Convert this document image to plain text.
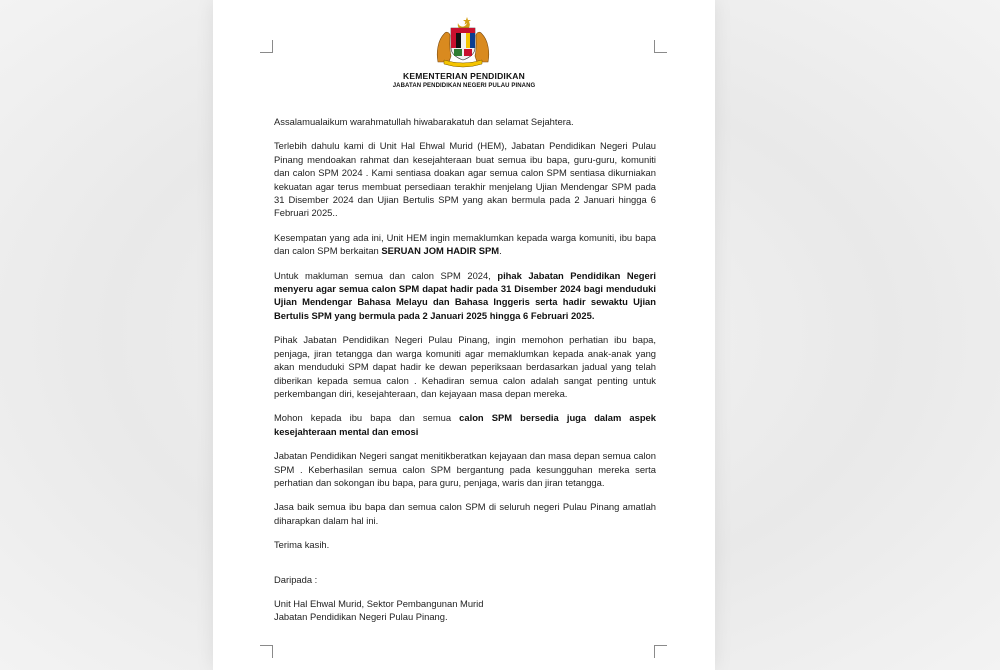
KEMENTERIAN PENDIDIKAN
JABATAN PENDIDIKAN NEGERI PULAU PINANG

Assalamualaikum warahmatullah hiwabarakatuh dan selamat Sejahtera.

Terlebih dahulu kami di Unit Hal Ehwal Murid (HEM), Jabatan Pendidikan Negeri Pulau Pinang mendoakan rahmat dan kesejahteraan buat semua ibu bapa, guru-guru, komuniti dan calon SPM 2024 . Kami sentiasa doakan agar semua calon SPM sentiasa dikurniakan kekuatan agar terus membuat persediaan terakhir menjelang Ujian Mendengar SPM pada 31 Disember 2024 dan Ujian Bertulis SPM yang akan bermula pada 2 Januari hingga 6 Februari 2025..

Kesempatan yang ada ini, Unit HEM ingin memaklumkan kepada warga komuniti, ibu bapa dan calon SPM berkaitan SERUAN JOM HADIR SPM.

Untuk makluman semua dan calon SPM 2024, pihak Jabatan Pendidikan Negeri menyeru agar semua calon SPM dapat hadir pada 31 Disember 2024 bagi menduduki Ujian Mendengar Bahasa Melayu dan Bahasa Inggeris serta hadir sewaktu Ujian Bertulis SPM yang bermula pada 2 Januari 2025 hingga 6 Februari 2025.

Pihak Jabatan Pendidikan Negeri Pulau Pinang, ingin memohon perhatian ibu bapa, penjaga, jiran tetangga dan warga komuniti agar memaklumkan kepada anak-anak yang akan menduduki SPM dapat hadir ke dewan peperiksaan berdasarkan jadual yang telah diberikan kepada semua calon . Kehadiran semua calon adalah sangat penting untuk perkembangan diri, kesejahteraan, dan kejayaan masa depan mereka.

Mohon kepada ibu bapa dan semua calon SPM bersedia juga dalam aspek kesejahteraan mental dan emosi

Jabatan Pendidikan Negeri sangat menitikberatkan kejayaan dan masa depan semua calon SPM . Keberhasilan semua calon SPM bergantung pada kesungguhan mereka serta perhatian dan sokongan ibu bapa, para guru, penjaga, waris dan jiran tetangga.

Jasa baik semua ibu bapa dan semua calon SPM di seluruh negeri Pulau Pinang amatlah diharapkan dalam hal ini.

Terima kasih.

Daripada :

Unit Hal Ehwal Murid, Sektor Pembangunan Murid

Jabatan Pendidikan Negeri Pulau Pinang.
